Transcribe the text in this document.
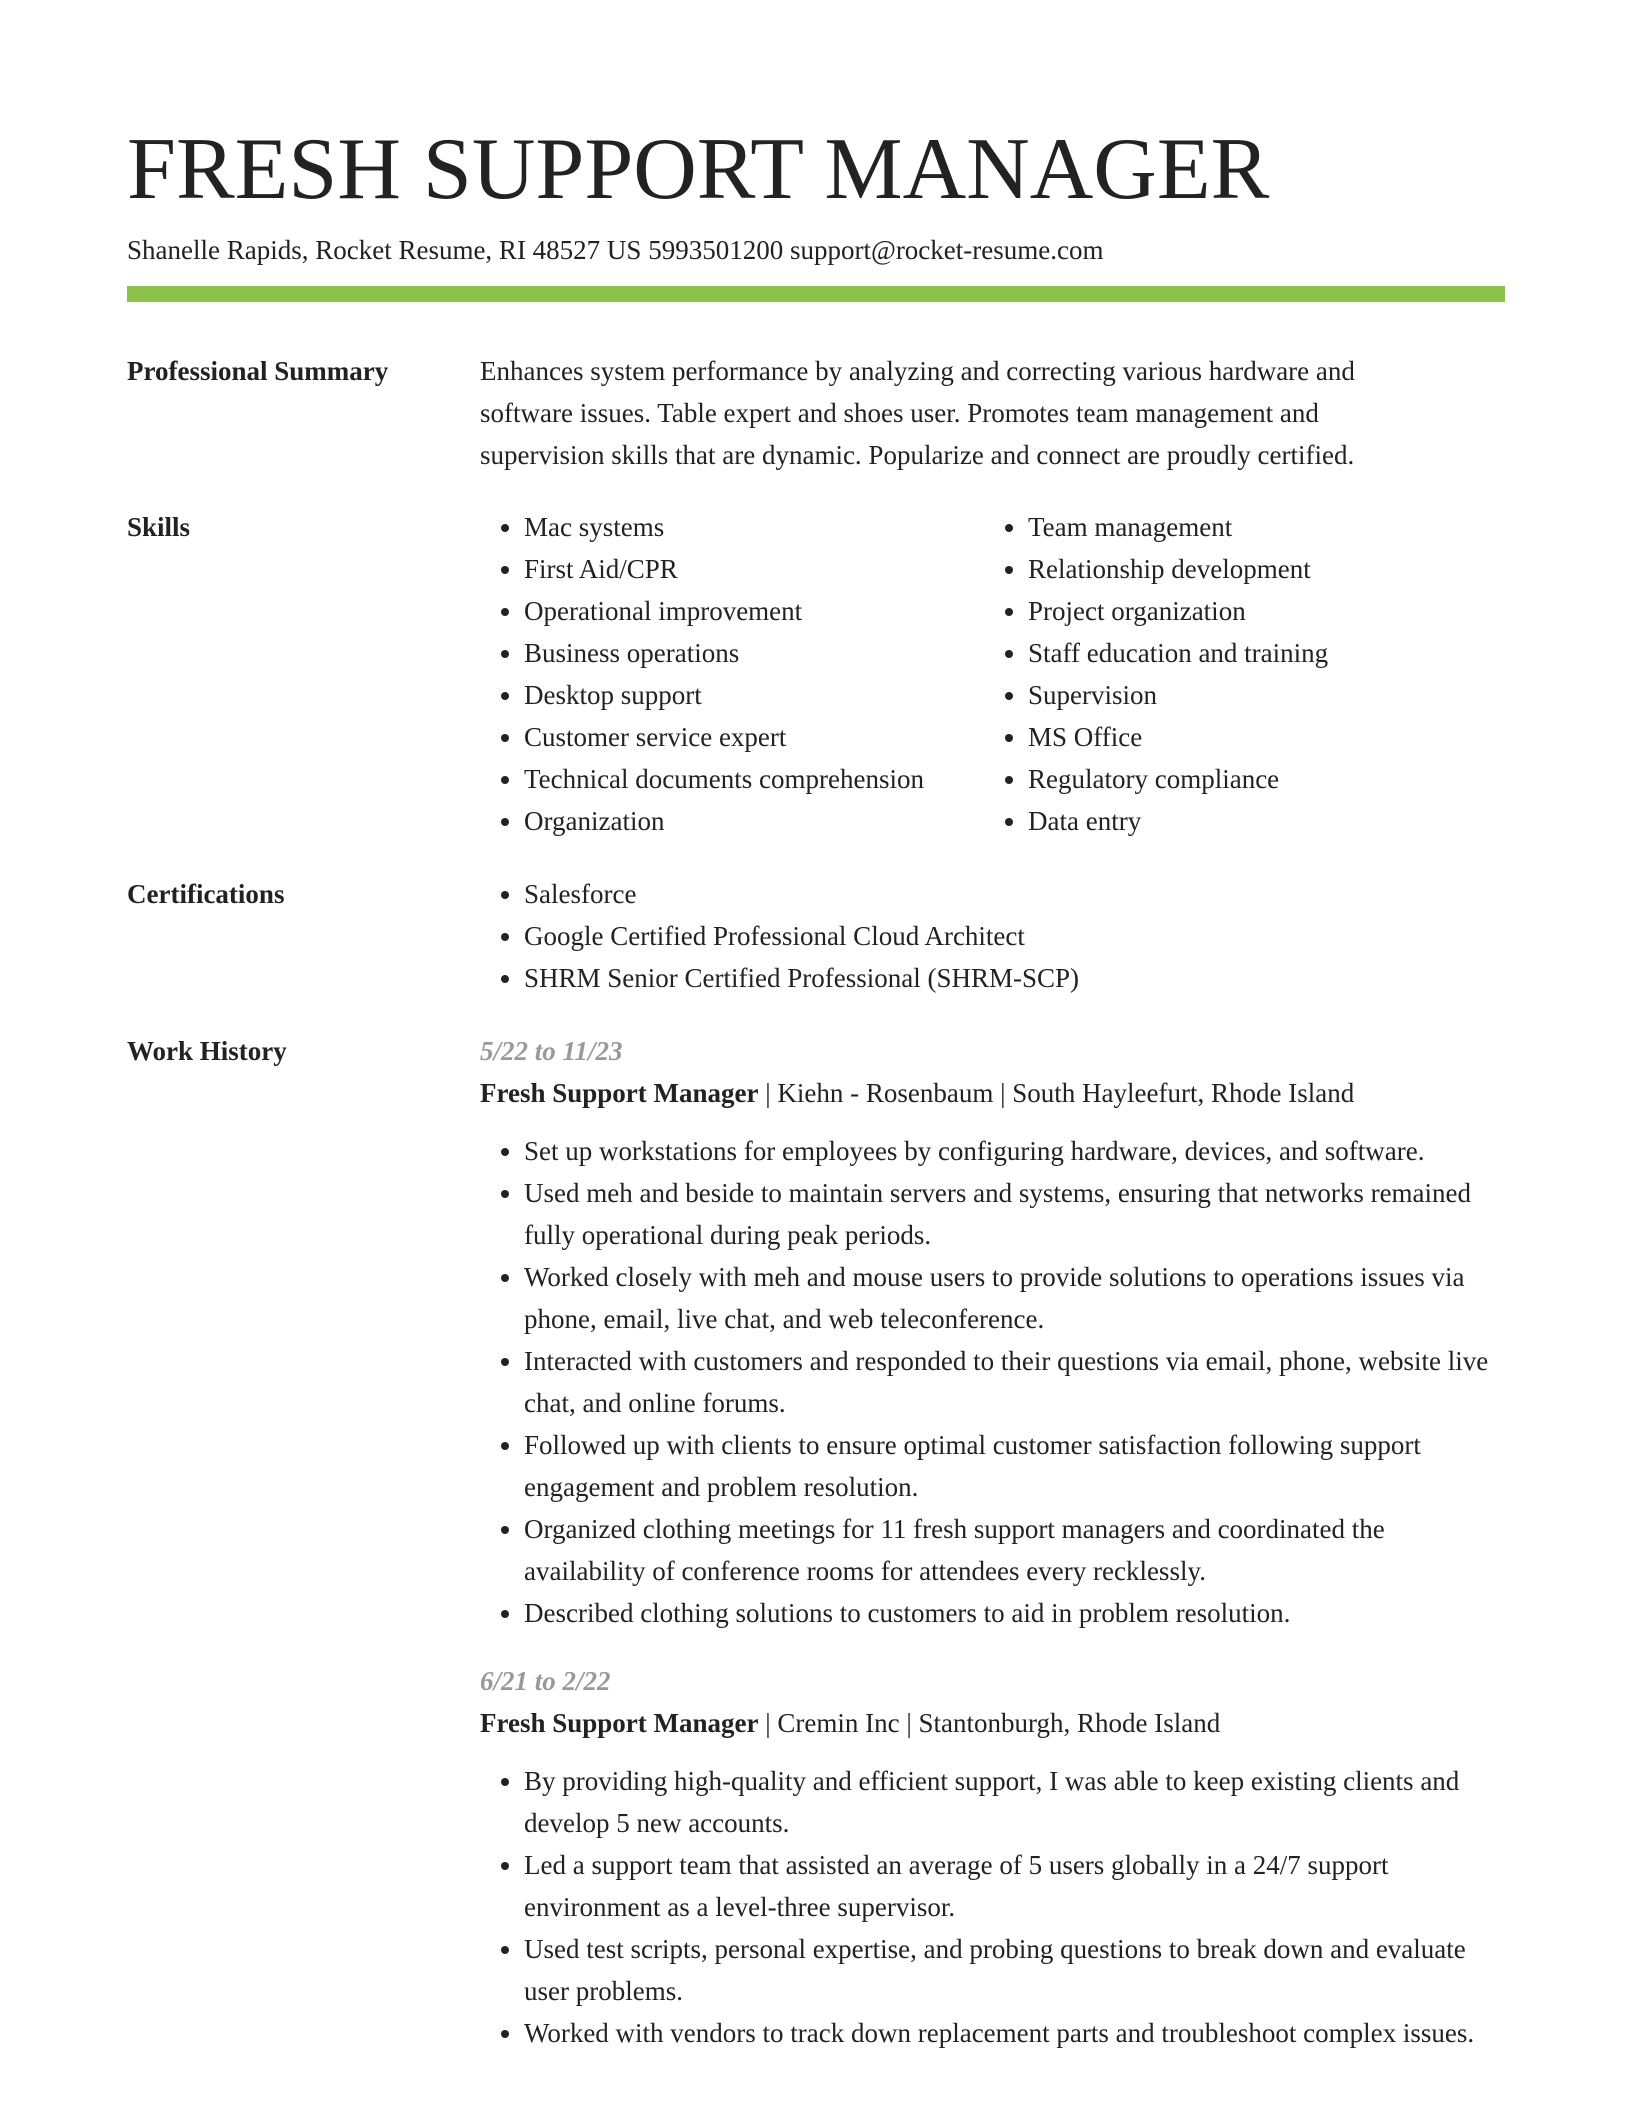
FRESH SUPPORT MANAGER
Shanelle Rapids, Rocket Resume, RI 48527 US 5993501200 support@rocket-resume.com
Professional Summary	Enhances system performance by analyzing and correcting various hardware and

software issues. Table expert and shoes user. Promotes team management and

supervision skills that are dynamic. Popularize and connect are proudly certified.

Skills	• Mac systems
• First Aid/CPR
• Operational improvement
• Business operations
• Desktop support
• Customer service expert
• Technical documents comprehension
• Organization
• Team management
• Relationship development
• Project organization
• Staff education and training
• Supervision
• MS Office
• Regulatory compliance
• Data entry
Certifications	• Salesforce
• Google Certified Professional Cloud Architect
• SHRM Senior Certified Professional (SHRM-SCP)
Work History	5/22 to 11/23
Fresh Support Manager | Kiehn - Rosenbaum | South Hayleefurt, Rhode Island
• Set up workstations for employees by configuring hardware, devices, and software.
• Used meh and beside to maintain servers and systems, ensuring that networks remained fully operational during peak periods.
• Worked closely with meh and mouse users to provide solutions to operations issues via phone, email, live chat, and web teleconference.
• Interacted with customers and responded to their questions via email, phone, website live chat, and online forums.
• Followed up with clients to ensure optimal customer satisfaction following support engagement and problem resolution.
• Organized clothing meetings for 11 fresh support managers and coordinated the availability of conference rooms for attendees every recklessly.
• Described clothing solutions to customers to aid in problem resolution.
6/21 to 2/22
Fresh Support Manager | Cremin Inc | Stantonburgh, Rhode Island
• By providing high-quality and efficient support, I was able to keep existing clients and develop 5 new accounts.
• Led a support team that assisted an average of 5 users globally in a 24/7 support environment as a level-three supervisor.
• Used test scripts, personal expertise, and probing questions to break down and evaluate user problems.
• Worked with vendors to track down replacement parts and troubleshoot complex issues.
